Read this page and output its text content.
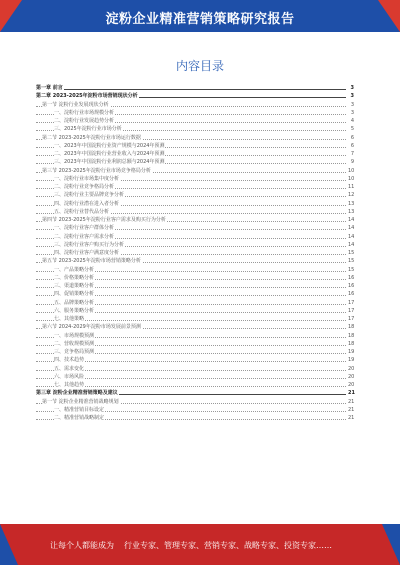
淀粉企业精准营销策略研究报告
内容目录
第一章 前言	3
第二章 2023-2025年淀粉市场营销现状分析	3
第一节 淀粉行业发展现状分析	3
一、淀粉行业市场规模分析	3
二、淀粉行业发展趋势分析	4
三、2025年淀粉行业市场分析	5
第二节 2023-2025年淀粉行业市场运行数据	6
一、2023年中国淀粉行业资产规模与2024年预测	6
二、2023年中国淀粉行业营业收入与2024年预测	7
三、2023年中国淀粉行业利润总额与2024年预测	9
第三节 2023-2025年淀粉行业市场竞争格局分析	10
一、淀粉行业市场集中度分析	10
二、淀粉行业竞争格局分析	11
三、淀粉行业主要品牌竞争分析	12
四、淀粉行业潜在进入者分析	13
五、淀粉行业替代品分析	13
第四节 2023-2025年淀粉行业客户需求及购买行为分析	14
一、淀粉行业客户群体分析	14
二、淀粉行业客户需求分析	14
三、淀粉行业客户购买行为分析	14
四、淀粉行业客户满意度分析	15
第五节 2023-2025年淀粉市场营销策略分析	15
一、产品策略分析	15
二、价格策略分析	16
三、渠道策略分析	16
四、促销策略分析	16
五、品牌策略分析	17
六、服务策略分析	17
七、其他策略	17
第六节 2024-2029年淀粉市场发展前景预测	18
一、市场规模预测	18
二、营收规模预测	18
三、竞争格局预测	19
四、技术趋势	19
五、需求变化	20
六、市场风险	20
七、其他趋势	20
第三章 淀粉企业精准营销策略及建议	21
第一节 淀粉企业精准营销战略规划	21
一、精准营销目标设定	21
二、精准营销战略制定	21
让每个人都能成为 行业专家、管理专家、营销专家、战略专家、投资专家……
